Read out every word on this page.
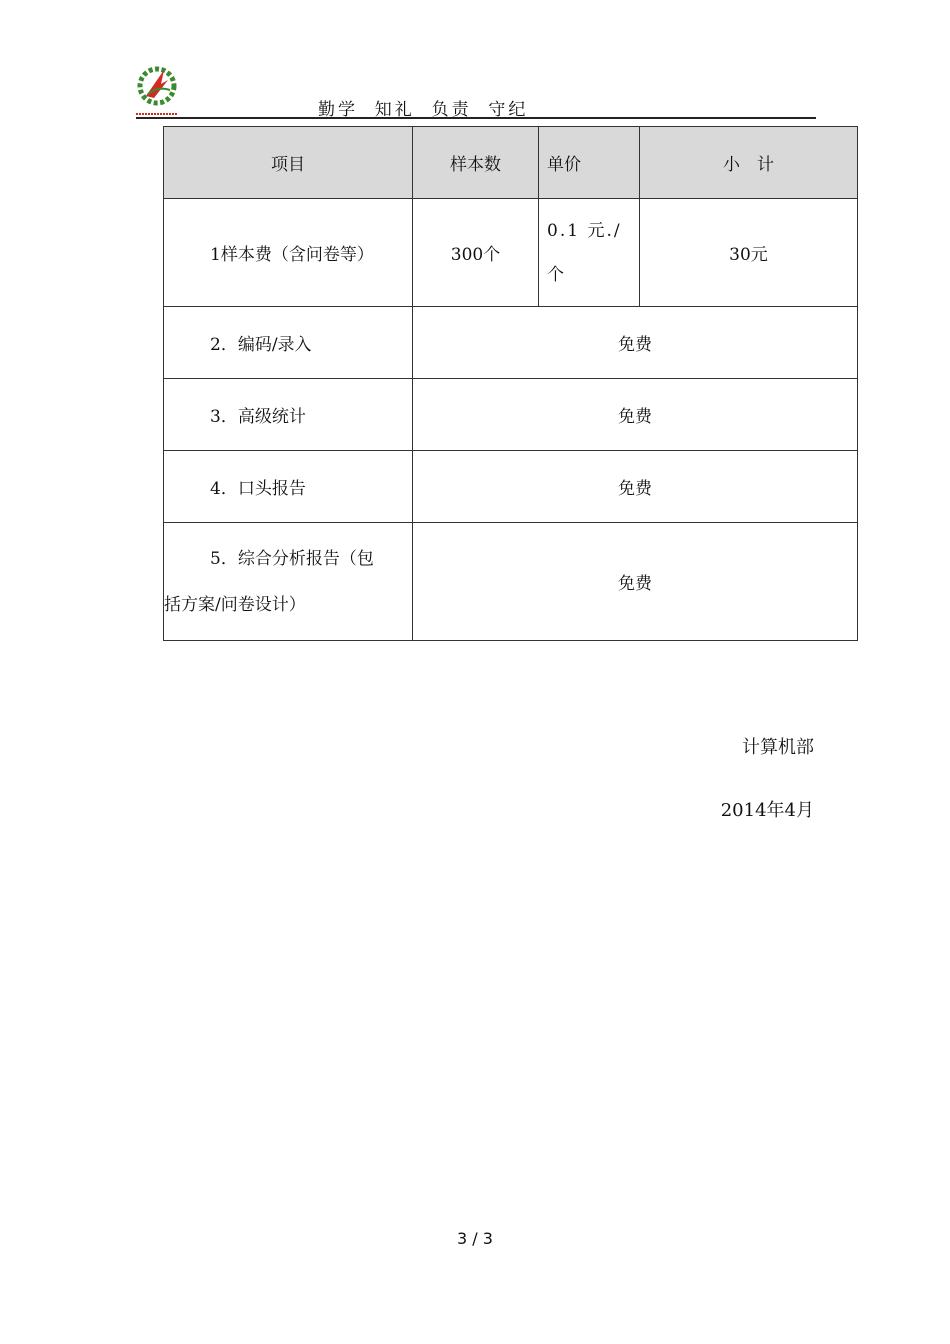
勤学  知礼  负责  守纪
项目	样本数	单价	小　计
1样本费（含问卷等）	300个	0.1 元./个	30元
2．编码/录入	免费		
3．高级统计	免费		
4．口头报告	免费		

5．综合分析报告（包
括方案/问卷设计）	免费		
计算机部
2014年4月
3 / 3
